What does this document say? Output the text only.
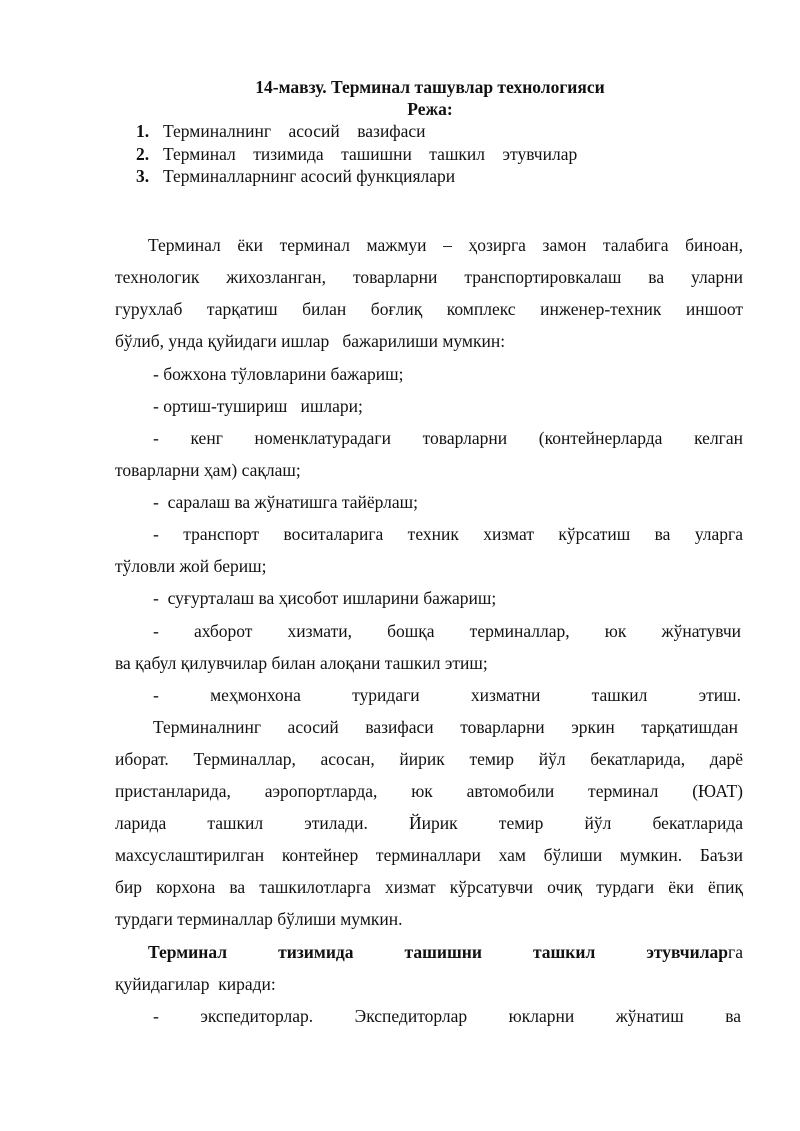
14-мавзу. Терминал ташувлар технологияси
Режа:
1. Терминалнинг    асосий    вазифаси
2. Терминал    тизимида    ташишни    ташкил    этувчилар
3. Терминалларнинг асосий функциялари
Терминал ёки терминал мажмуи – ҳозирга замон талабига биноан,
технологик жихозланган, товарларни транспортировкалаш ва уларни
гурухлаб тарқатиш билан боғлиқ комплекс инженер-техник иншоот
бўлиб, унда қуйидаги ишлар   бажарилиши мумкин:
- божхона тўловларини бажариш;
- ортиш-тушириш   ишлари;
- кенг номенклатурадаги товарларни (контейнерларда келган
товарларни ҳам) сақлаш;
-  саралаш ва жўнатишга тайёрлаш;
- транспорт воситаларига техник хизмат кўрсатиш ва уларга
тўловли жой бериш;
-  суғурталаш ва ҳисобот ишларини бажариш;
- ахборот хизмати, бошқа терминаллар, юк жўнатувчи
ва қабул қилувчилар билан алоқани ташкил этиш;
- меҳмонхона туридаги хизматни ташкил этиш.
Терминалнинг асосий вазифаси товарларни эркин тарқатишдан
иборат. Терминаллар, асосан, йирик темир йўл бекатларида, дарё
пристанларида, аэропортларда, юк автомобили терминал (ЮАТ)
ларида ташкил этилади. Йирик темир йўл бекатларида
махсуслаштирилган контейнер терминаллари хам бўлиши мумкин. Баъзи
бир корхона ва ташкилотларга хизмат кўрсатувчи очиқ турдаги ёки ёпиқ
турдаги терминаллар бўлиши мумкин.
Терминал тизимида ташишни ташкил этувчиларга
қуйидагилар  киради:
- экспедиторлар. Экспедиторлар юкларни жўнатиш ва
